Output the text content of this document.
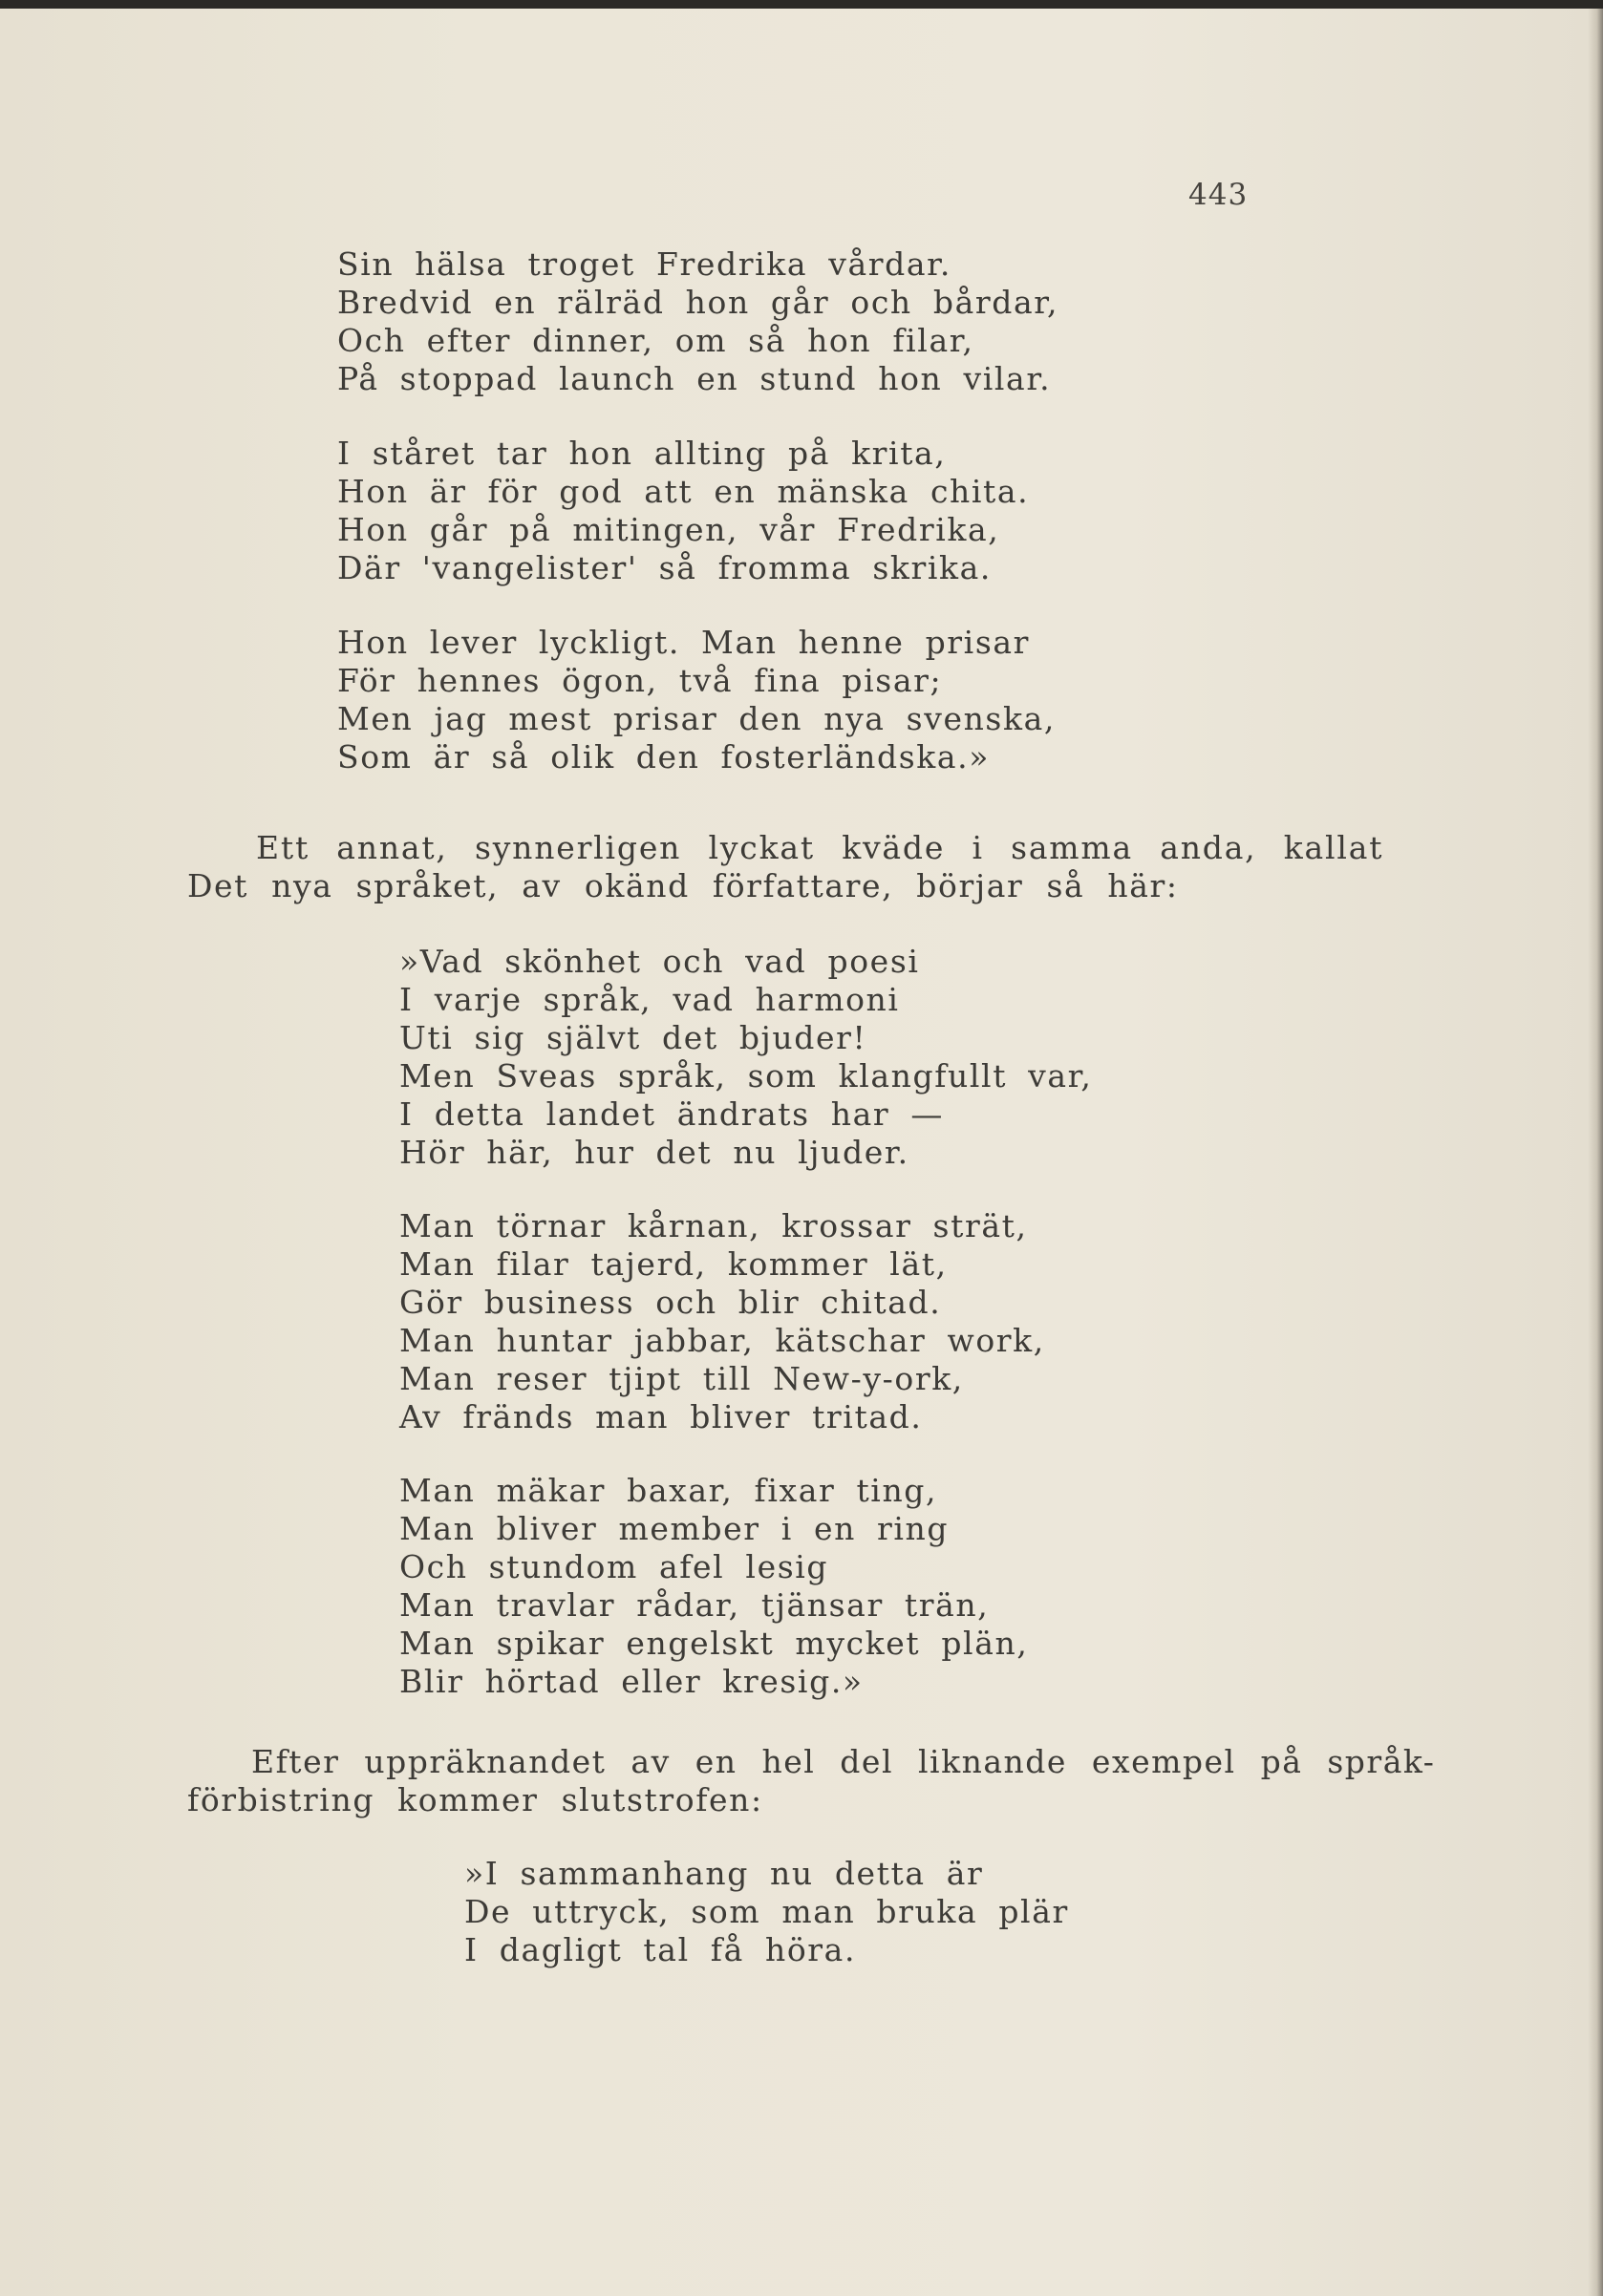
443
Sin hälsa troget Fredrika vårdar.
Bredvid en rälräd hon går och bårdar,
Och efter dinner, om så hon filar,
På stoppad launch en stund hon vilar.
I ståret tar hon allting på krita,
Hon är för god att en mänska chita.
Hon går på mitingen, vår Fredrika,
Där 'vangelister' så fromma skrika.
Hon lever lyckligt. Man henne prisar
För hennes ögon, två fina pisar;
Men jag mest prisar den nya svenska,
Som är så olik den fosterländska.»
Ett annat, synnerligen lyckat kväde i samma anda, kallat
Det nya språket, av okänd författare, börjar så här:
»Vad skönhet och vad poesi
I varje språk, vad harmoni
Uti sig självt det bjuder!
Men Sveas språk, som klangfullt var,
I detta landet ändrats har —
Hör här, hur det nu ljuder.
Man törnar kårnan, krossar strät,
Man filar tajerd, kommer lät,
Gör business och blir chitad.
Man huntar jabbar, kätschar work,
Man reser tjipt till New-y-ork,
Av fränds man bliver tritad.
Man mäkar baxar, fixar ting,
Man bliver member i en ring
Och stundom afel lesig
Man travlar rådar, tjänsar trän,
Man spikar engelskt mycket plän,
Blir hörtad eller kresig.»
Efter uppräknandet av en hel del liknande exempel på språk-
förbistring kommer slutstrofen:
»I sammanhang nu detta är
De uttryck, som man bruka plär
I dagligt tal få höra.
